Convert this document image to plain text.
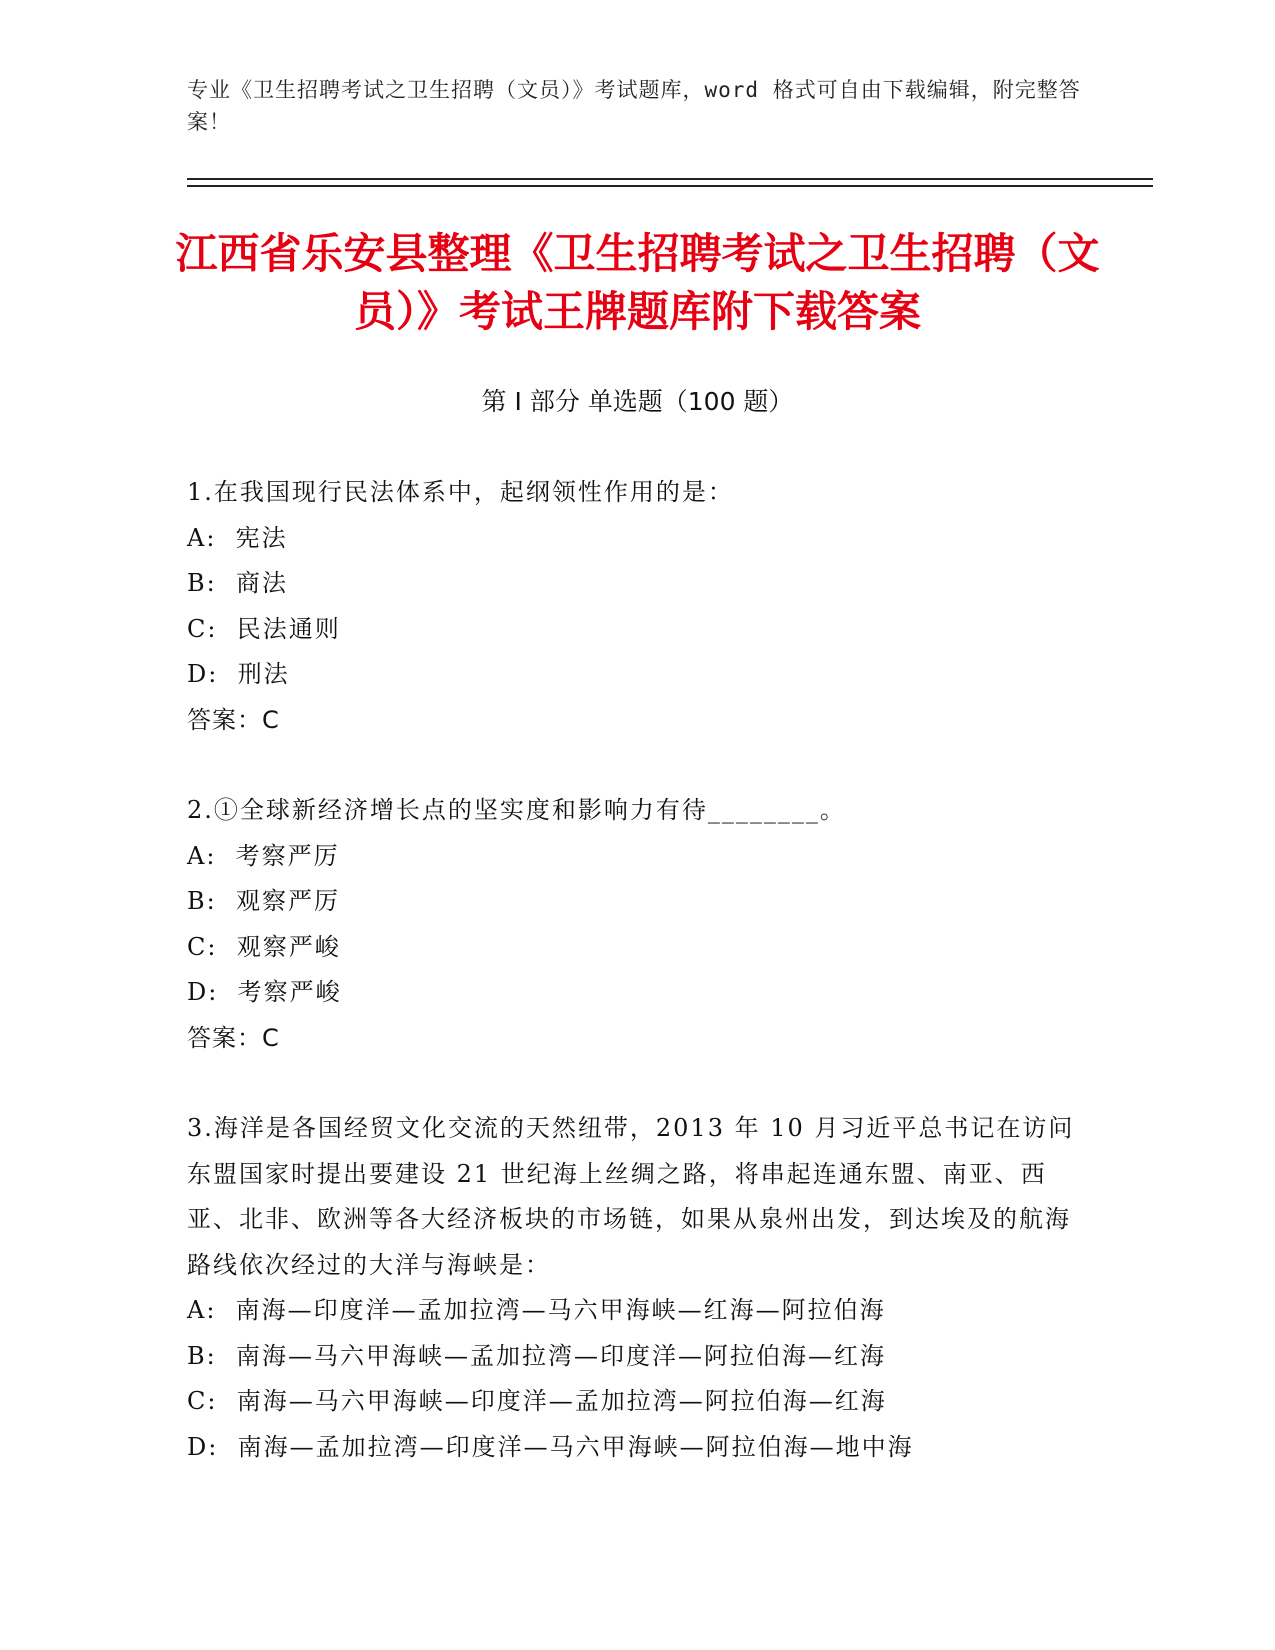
专业《卫生招聘考试之卫生招聘（文员）》考试题库，word 格式可自由下载编辑，附完整答案！
江西省乐安县整理《卫生招聘考试之卫生招聘（文员）》考试王牌题库附下载答案
第 I 部分 单选题（100 题）
1.在我国现行民法体系中，起纲领性作用的是：
A:  宪法
B:  商法
C:  民法通则
D:  刑法
答案：C
2.①全球新经济增长点的坚实度和影响力有待________。
A:  考察严厉
B:  观察严厉
C:  观察严峻
D:  考察严峻
答案：C
3.海洋是各国经贸文化交流的天然纽带，2013 年 10 月习近平总书记在访问东盟国家时提出要建设 21 世纪海上丝绸之路，将串起连通东盟、南亚、西亚、北非、欧洲等各大经济板块的市场链，如果从泉州出发，到达埃及的航海路线依次经过的大洋与海峡是：
A:  南海—印度洋—孟加拉湾—马六甲海峡—红海—阿拉伯海
B:  南海—马六甲海峡—孟加拉湾—印度洋—阿拉伯海—红海
C:  南海—马六甲海峡—印度洋—孟加拉湾—阿拉伯海—红海
D:  南海—孟加拉湾—印度洋—马六甲海峡—阿拉伯海—地中海
